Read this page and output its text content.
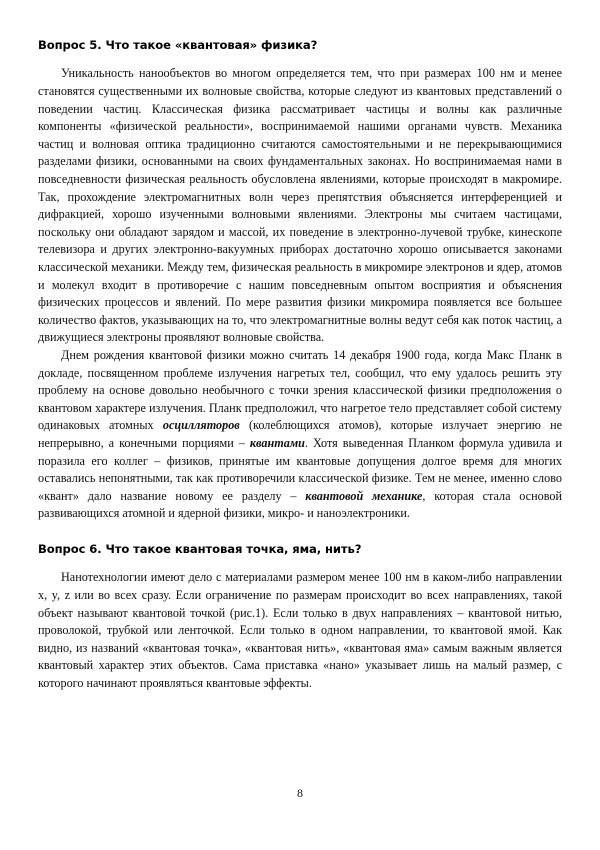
Вопрос 5. Что такое «квантовая» физика?

Уникальность нанообъектов во многом определяется тем, что при размерах 100 нм и менее становятся существенными их волновые свойства, которые следуют из квантовых представлений о поведении частиц. Классическая физика рассматривает частицы и волны как различные компоненты «физической реальности», воспринимаемой нашими органами чувств. Механика частиц и волновая оптика традиционно считаются самостоятельными и не перекрывающимися разделами физики, основанными на своих фундаментальных законах. Но воспринимаемая нами в повседневности физическая реальность обусловлена явлениями, которые происходят в макромире. Так, прохождение электромагнитных волн через препятствия объясняется интерференцией и дифракцией, хорошо изученными волновыми явлениями. Электроны мы считаем частицами, поскольку они обладают зарядом и массой, их поведение в электронно-лучевой трубке, кинескопе телевизора и других электронно-вакуумных приборах достаточно хорошо описывается законами классической механики. Между тем, физическая реальность в микромире электронов и ядер, атомов и молекул входит в противоречие с нашим повседневным опытом восприятия и объяснения физических процессов и явлений. По мере развития физики микромира появляется все большее количество фактов, указывающих на то, что электромагнитные волны ведут себя как поток частиц, а движущиеся электроны проявляют волновые свойства.

Днем рождения квантовой физики можно считать 14 декабря 1900 года, когда Макс Планк в докладе, посвященном проблеме излучения нагретых тел, сообщил, что ему удалось решить эту проблему на основе довольно необычного с точки зрения классической физики предположения о квантовом характере излучения. Планк предположил, что нагретое тело представляет собой систему одинаковых атомных осцилляторов (колеблющихся атомов), которые излучает энергию не непрерывно, а конечными порциями – квантами. Хотя выведенная Планком формула удивила и поразила его коллег – физиков, принятые им квантовые допущения долгое время для многих оставались непонятными, так как противоречили классической физике. Тем не менее, именно слово «квант» дало название новому ее разделу – квантовой механике, которая стала основой развивающихся атомной и ядерной физики, микро- и наноэлектроники.

Вопрос 6. Что такое квантовая точка, яма, нить?

Нанотехнологии имеют дело с материалами размером менее 100 нм в каком-либо направлении x, y, z или во всех сразу. Если ограничение по размерам происходит во всех направлениях, такой объект называют квантовой точкой (рис.1). Если только в двух направлениях – квантовой нитью, проволокой, трубкой или ленточкой. Если только в одном направлении, то квантовой ямой. Как видно, из названий «квантовая точка», «квантовая нить», «квантовая яма» самым важным является квантовый характер этих объектов. Сама приставка «нано» указывает лишь на малый размер, с которого начинают проявляться квантовые эффекты.

8
